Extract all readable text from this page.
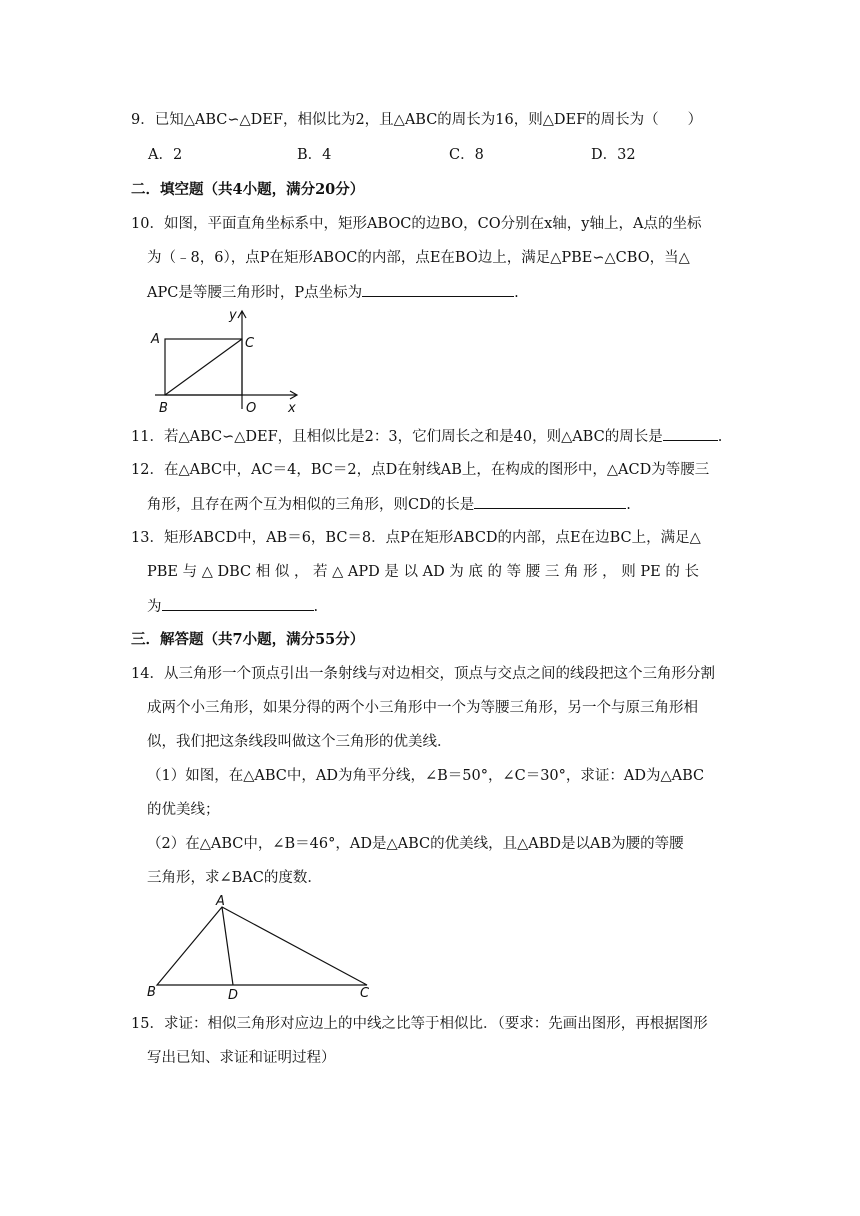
9．已知△ABC∽△DEF，相似比为2，且△ABC的周长为16，则△DEF的周长为（　　）
A．2	B．4	C．8	D．32
二．填空题（共4小题，满分20分）
10．如图，平面直角坐标系中，矩形ABOC的边BO，CO分别在x轴，y轴上，A点的坐标
为（﹣8，6），点P在矩形ABOC的内部，点E在BO边上，满足△PBE∽△CBO，当△
APC是等腰三角形时，P点坐标为	.
A	C
B	O x
y
11．若△ABC∽△DEF，且相似比是2：3，它们周长之和是40，则△ABC的周长是	.
12．在△ABC中，AC＝4，BC＝2，点D在射线AB上，在构成的图形中，△ACD为等腰三
角形，且存在两个互为相似的三角形，则CD的长是	.
13．矩形ABCD中，AB＝6，BC＝8．点P在矩形ABCD的内部，点E在边BC上，满足△
PBE 与 △ DBC 相 似 ， 若 △ APD 是 以 AD 为 底 的 等 腰 三 角 形 ， 则 PE 的 长
为	.
三．解答题（共7小题，满分55分）
14．从三角形一个顶点引出一条射线与对边相交，顶点与交点之间的线段把这个三角形分割
成两个小三角形，如果分得的两个小三角形中一个为等腰三角形，另一个与原三角形相
似，我们把这条线段叫做这个三角形的优美线．
（1）如图，在△ABC中，AD为角平分线，∠B＝50°，∠C＝30°，求证：AD为△ABC
的优美线；
（2）在△ABC中，∠B＝46°，AD是△ABC的优美线，且△ABD是以AB为腰的等腰
三角形，求∠BAC的度数．
A
B	D	C
15．求证：相似三角形对应边上的中线之比等于相似比．（要求：先画出图形，再根据图形
写出已知、求证和证明过程）
